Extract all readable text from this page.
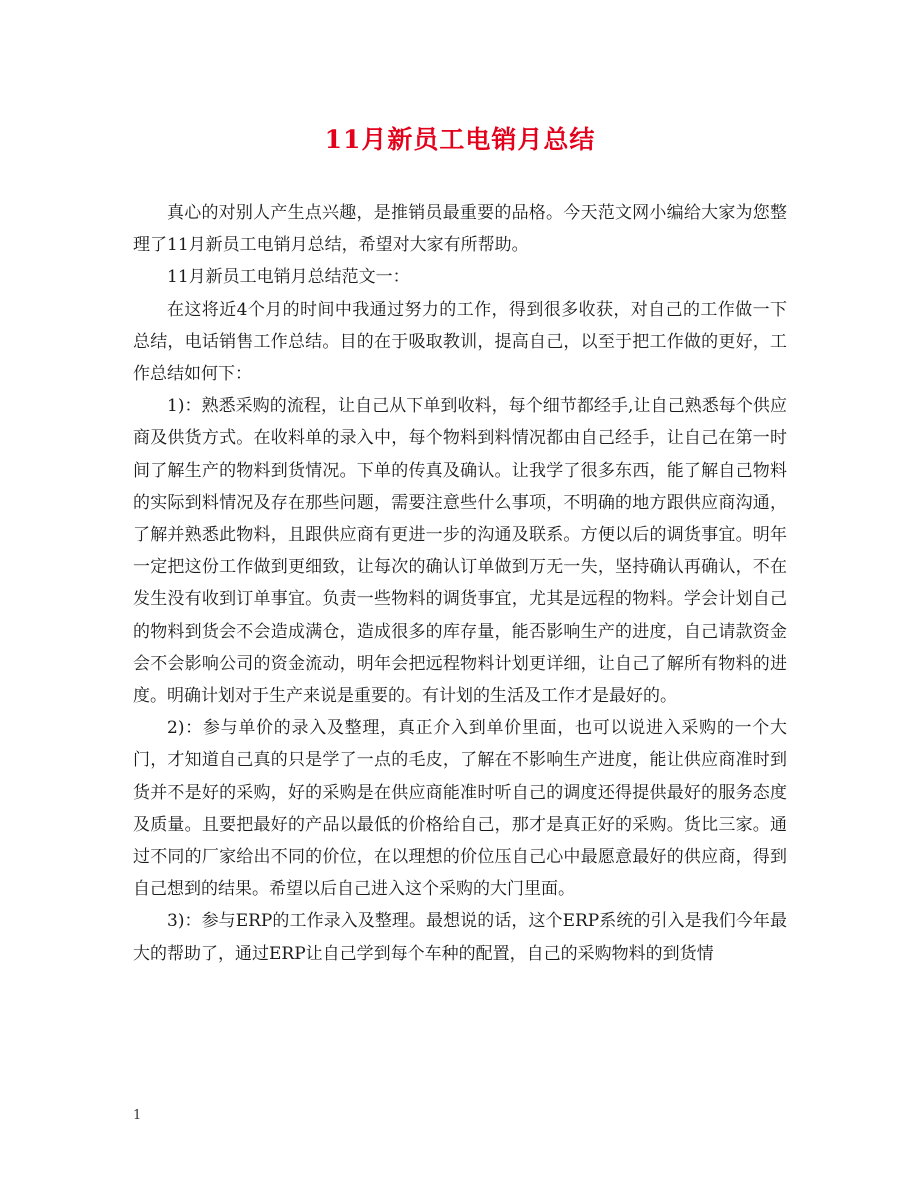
11月新员工电销月总结

真心的对别人产生点兴趣，是推销员最重要的品格。今天范文网小编给大家为您整理了11月新员工电销月总结，希望对大家有所帮助。

11月新员工电销月总结范文一：

在这将近4个月的时间中我通过努力的工作，得到很多收获，对自己的工作做一下总结，电话销售工作总结。目的在于吸取教训，提高自己，以至于把工作做的更好，工作总结如何下：

1)：熟悉采购的流程，让自己从下单到收料，每个细节都经手,让自己熟悉每个供应商及供货方式。在收料单的录入中，每个物料到料情况都由自己经手，让自己在第一时间了解生产的物料到货情况。下单的传真及确认。让我学了很多东西，能了解自己物料的实际到料情况及存在那些问题，需要注意些什么事项，不明确的地方跟供应商沟通，了解并熟悉此物料，且跟供应商有更进一步的沟通及联系。方便以后的调货事宜。明年一定把这份工作做到更细致，让每次的确认订单做到万无一失，坚持确认再确认，不在发生没有收到订单事宜。负责一些物料的调货事宜，尤其是远程的物料。学会计划自己的物料到货会不会造成满仓，造成很多的库存量，能否影响生产的进度，自己请款资金会不会影响公司的资金流动，明年会把远程物料计划更详细，让自己了解所有物料的进度。明确计划对于生产来说是重要的。有计划的生活及工作才是最好的。

2)：参与单价的录入及整理，真正介入到单价里面，也可以说进入采购的一个大门，才知道自己真的只是学了一点的毛皮，了解在不影响生产进度，能让供应商准时到货并不是好的采购，好的采购是在供应商能准时听自己的调度还得提供最好的服务态度及质量。且要把最好的产品以最低的价格给自己，那才是真正好的采购。货比三家。通过不同的厂家给出不同的价位，在以理想的价位压自己心中最愿意最好的供应商，得到自己想到的结果。希望以后自己进入这个采购的大门里面。

3)：参与ERP的工作录入及整理。最想说的话，这个ERP系统的引入是我们今年最大的帮助了，通过ERP让自己学到每个车种的配置，自己的采购物料的到货情

1
